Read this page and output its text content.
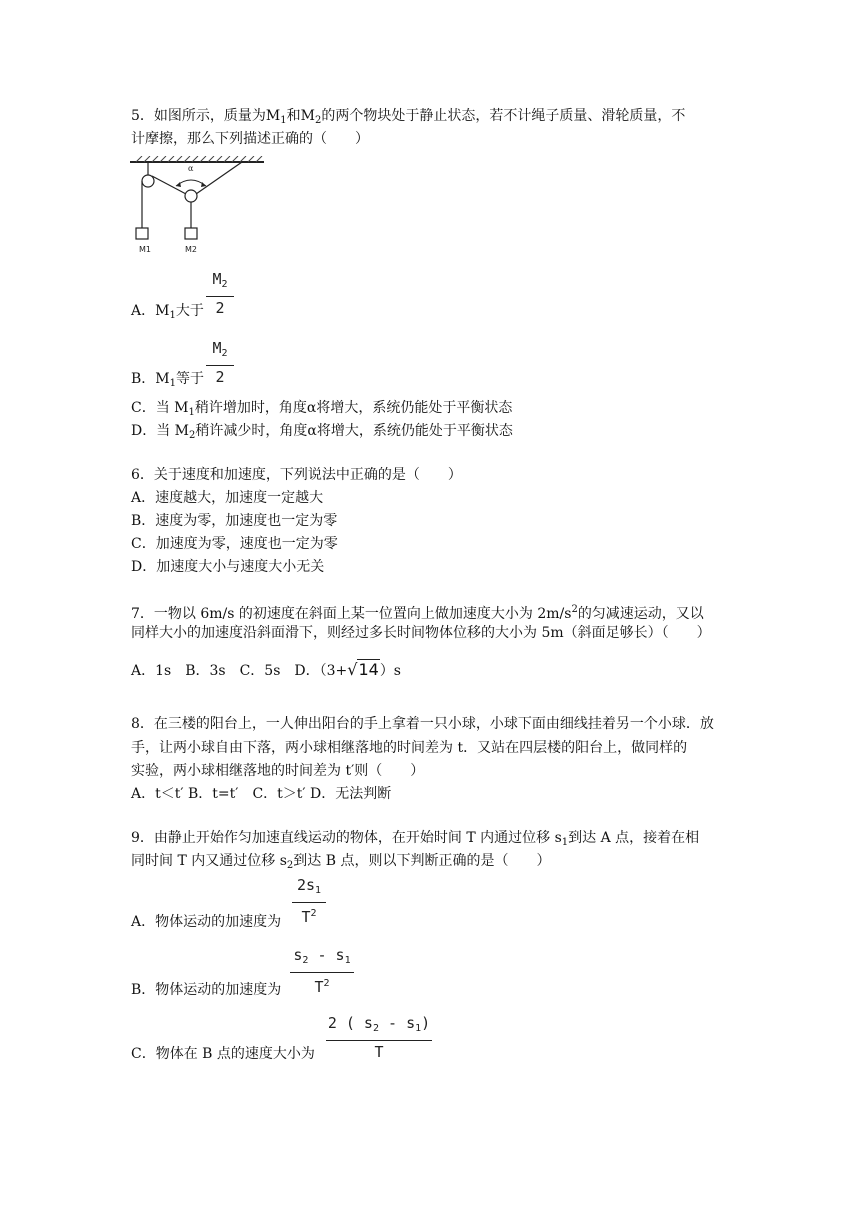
5．如图所示，质量为$M_1$和$M_2$的两个物块处于静止状态，若不计绳子质量、滑轮质量，不
计摩擦，那么下列描述正确的（　　）
M1
α
M2
$M_2$
2
A．$M_1$大于
$M_2$
2
B．$M_1$等于
C．当 $M_1$稍许增加时，角度α将增大，系统仍能处于平衡状态
D．当 $M_2$稍许减少时，角度α将增大，系统仍能处于平衡状态
6．关于速度和加速度，下列说法中正确的是（　　）
A．速度越大，加速度一定越大
B．速度为零，加速度也一定为零
C．加速度为零，速度也一定为零
D．加速度大小与速度大小无关
7．一物以 6m/s 的初速度在斜面上某一位置向上做加速度大小为 $2m/s^2$的匀减速运动，又以
同样大小的加速度沿斜面滑下，则经过多长时间物体位移的大小为 5m（斜面足够长）（　　）
A．1s　B．3s　C．5s　D．（3+√14）s
8．在三楼的阳台上，一人伸出阳台的手上拿着一只小球，小球下面由细线挂着另一个小球．放
手，让两小球自由下落，两小球相继落地的时间差为 t．又站在四层楼的阳台上，做同样的
实验，两小球相继落地的时间差为 t′则（　　）
A．t＜t′ B．t=t′　C．t＞t′ D．无法判断
9．由静止开始作匀加速直线运动的物体，在开始时间 T 内通过位移 $s_1$到达 A 点，接着在相
同时间 T 内又通过位移 $s_2$到达 B 点，则以下判断正确的是（　　）
$2s_1$
$T^2$
A．物体运动的加速度为
$s_2 - s_1$
$T^2$
B．物体运动的加速度为
2 ( $s_2 - s_1$)
T
C．物体在 B 点的速度大小为
